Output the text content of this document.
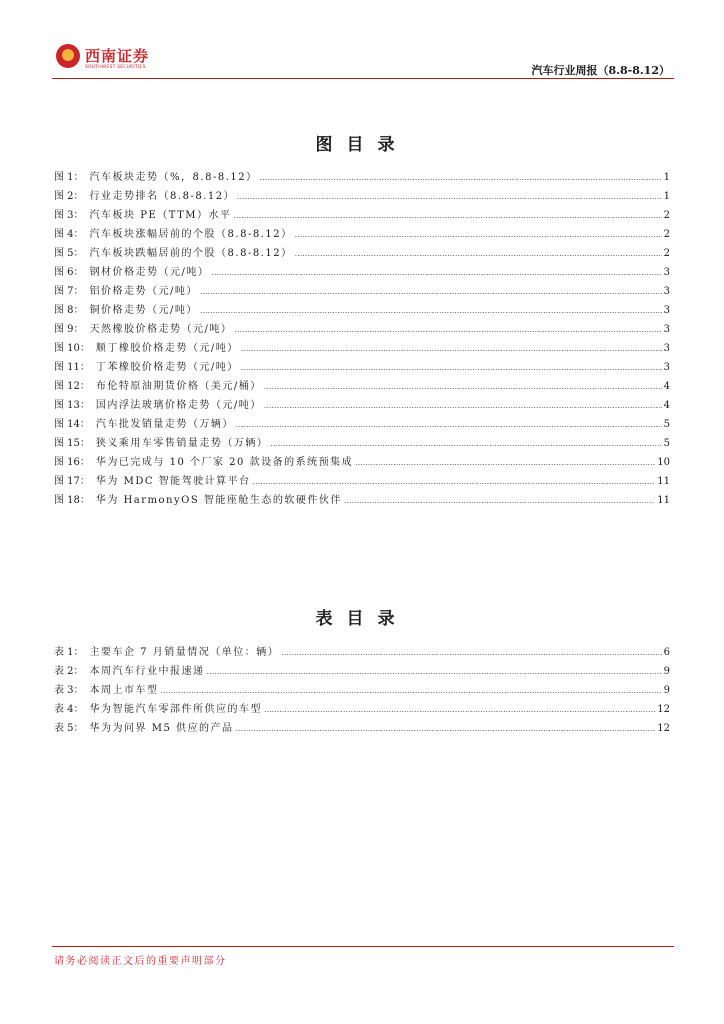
西南证券
SOUTHWEST SECURITIES	汽车行业周报（8.8-8.12）
图目录
图 1： 汽车板块走势（%，8.8-8.12） .....	1
图 2： 行业走势排名（8.8-8.12） .....	1
图 3： 汽车板块 PE（TTM）水平 .....	2
图 4： 汽车板块涨幅居前的个股（8.8-8.12） .....	2
图 5： 汽车板块跌幅居前的个股（8.8-8.12） .....	2
图 6： 钢材价格走势（元/吨） .....	3
图 7： 铝价格走势（元/吨） .....	3
图 8： 铜价格走势（元/吨） .....	3
图 9： 天然橡胶价格走势（元/吨） .....	3
图 10： 顺丁橡胶价格走势（元/吨） .....	3
图 11： 丁苯橡胶价格走势（元/吨） .....	3
图 12： 布伦特原油期货价格（美元/桶） .....	4
图 13： 国内浮法玻璃价格走势（元/吨） .....	4
图 14： 汽车批发销量走势（万辆） .....	5
图 15： 狭义乘用车零售销量走势（万辆） .....	5
图 16： 华为已完成与 10 个厂家 20 款设备的系统预集成 .....	10
图 17： 华为 MDC 智能驾驶计算平台 .....	11
图 18： 华为 HarmonyOS 智能座舱生态的软硬件伙伴 .....	11
表目录
表 1： 主要车企 7 月销量情况（单位：辆） .....	6
表 2： 本周汽车行业中报速递 .....	9
表 3： 本周上市车型 .....	9
表 4： 华为智能汽车零部件所供应的车型 .....	12
表 5： 华为为问界 M5 供应的产品 .....	12
请务必阅读正文后的重要声明部分
